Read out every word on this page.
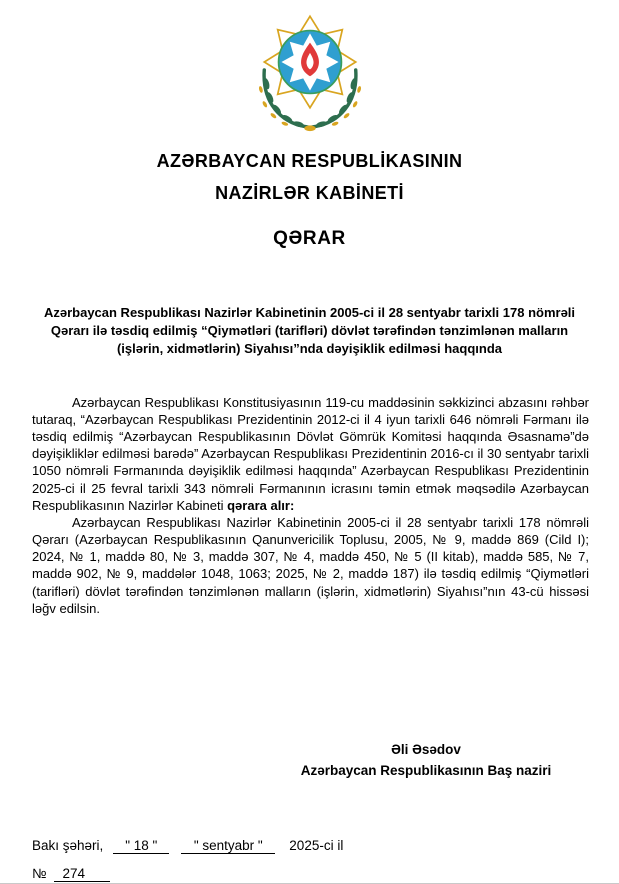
AZƏRBAYCAN RESPUBLİKASININ
NAZİRLƏR KABİNETİ
QƏRAR
Azərbaycan Respublikası Nazirlər Kabinetinin 2005-ci il 28 sentyabr tarixli 178 nömrəli Qərarı ilə təsdiq edilmiş “Qiymətləri (tarifləri) dövlət tərəfindən tənzimlənən malların (işlərin, xidmətlərin) Siyahısı”nda dəyişiklik edilməsi haqqında

Azərbaycan Respublikası Konstitusiyasının 119-cu maddəsinin səkkizinci abzasını rəhbər tutaraq, “Azərbaycan Respublikası Prezidentinin 2012-ci il 4 iyun tarixli 646 nömrəli Fərmanı ilə təsdiq edilmiş “Azərbaycan Respublikasının Dövlət Gömrük Komitəsi haqqında Əsasnamə”də dəyişikliklər edilməsi barədə” Azərbaycan Respublikası Prezidentinin 2016-cı il 30 sentyabr tarixli 1050 nömrəli Fərmanında dəyişiklik edilməsi haqqında” Azərbaycan Respublikası Prezidentinin 2025-ci il 25 fevral tarixli 343 nömrəli Fərmanının icrasını təmin etmək məqsədilə Azərbaycan Respublikasının Nazirlər Kabineti qərara alır:

Azərbaycan Respublikası Nazirlər Kabinetinin 2005-ci il 28 sentyabr tarixli 178 nömrəli Qərarı (Azərbaycan Respublikasının Qanunvericilik Toplusu, 2005, № 9, maddə 869 (Cild I); 2024, № 1, maddə 80, № 3, maddə 307, № 4, maddə 450, № 5 (II kitab), maddə 585, № 7, maddə 902, № 9, maddələr 1048, 1063; 2025, № 2, maddə 187) ilə təsdiq edilmiş “Qiymətləri (tarifləri) dövlət tərəfindən tənzimlənən malların (işlərin, xidmətlərin) Siyahısı”nın 43-cü hissəsi ləğv edilsin.

Əli Əsədov
Azərbaycan Respublikasının Baş naziri
Bakı şəhəri, " 18 "	" sentyabr " 2025-ci il
№ 274
